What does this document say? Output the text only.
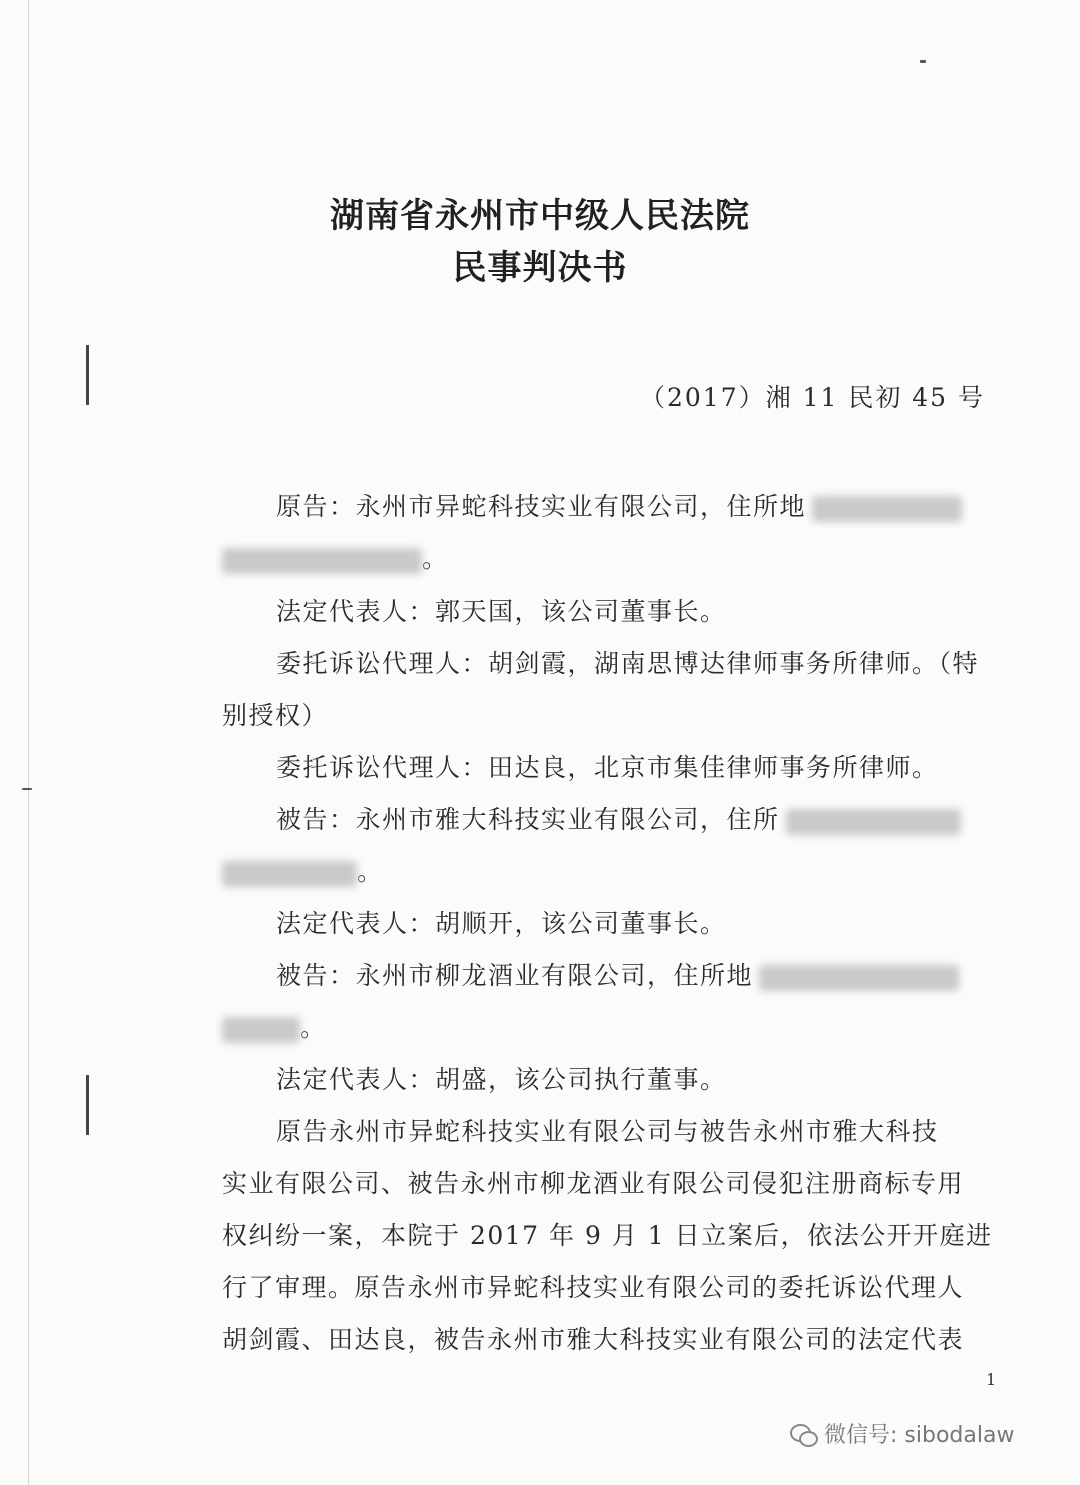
湖南省永州市中级人民法院
民事判决书
（2017）湘 11 民初 45 号
原告：永州市异蛇科技实业有限公司，住所地
。
法定代表人：郭天国，该公司董事长。
委托诉讼代理人：胡剑霞，湖南思博达律师事务所律师。（特
别授权）
委托诉讼代理人：田达良，北京市集佳律师事务所律师。
被告：永州市雅大科技实业有限公司，住所
。
法定代表人：胡顺开，该公司董事长。
被告：永州市柳龙酒业有限公司，住所地
。
法定代表人：胡盛，该公司执行董事。
原告永州市异蛇科技实业有限公司与被告永州市雅大科技
实业有限公司、被告永州市柳龙酒业有限公司侵犯注册商标专用
权纠纷一案，本院于 2017 年 9 月 1 日立案后，依法公开开庭进
行了审理。原告永州市异蛇科技实业有限公司的委托诉讼代理人
胡剑霞、田达良，被告永州市雅大科技实业有限公司的法定代表
1
微信号: sibodalaw
